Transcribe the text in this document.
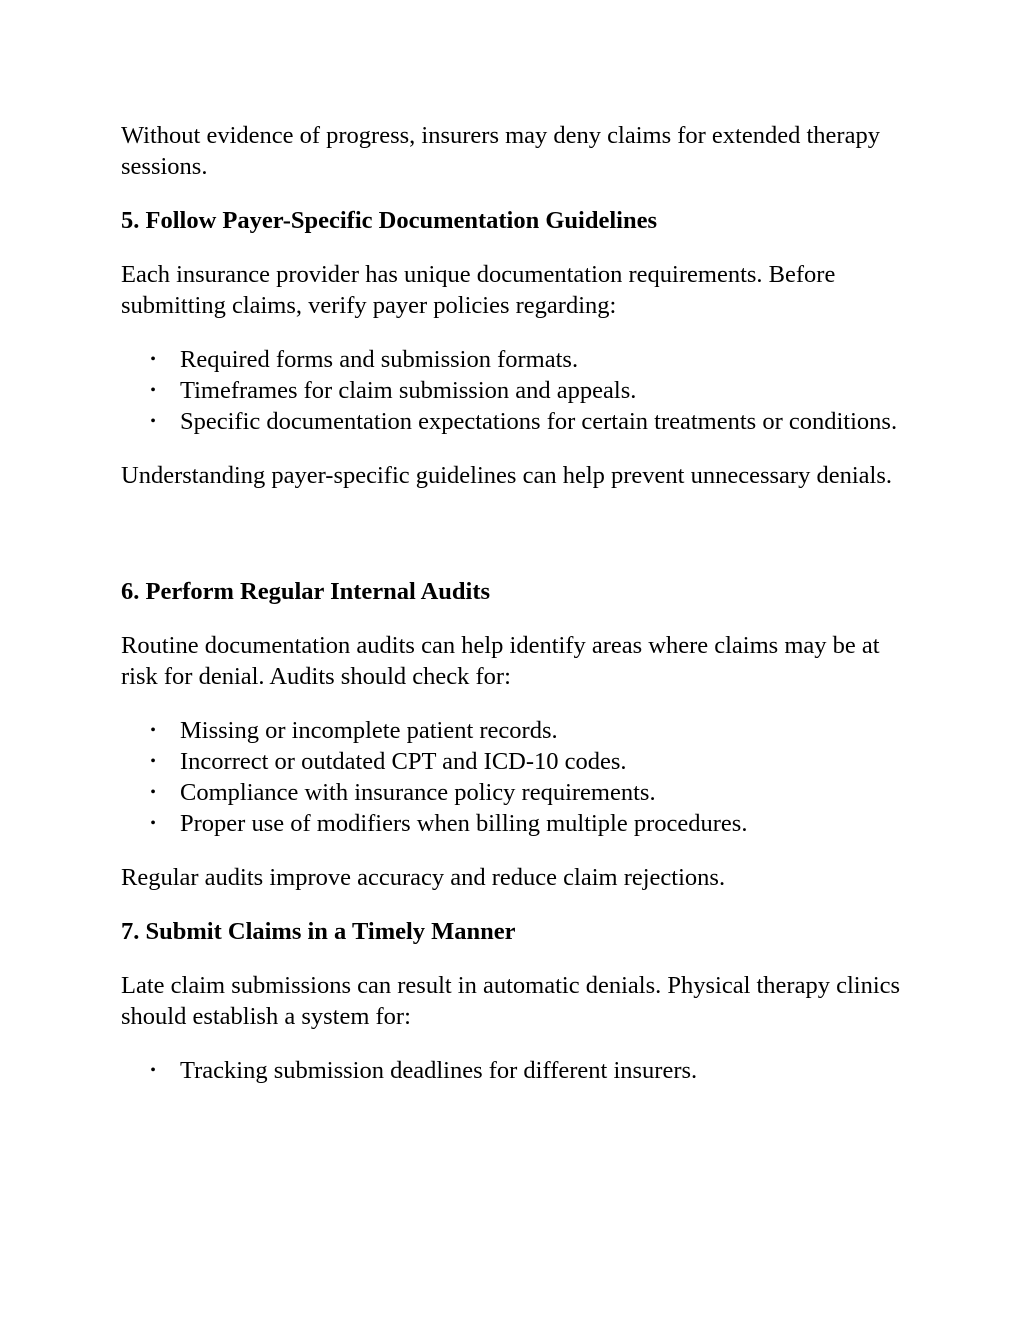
Without evidence of progress, insurers may deny claims for extended therapy sessions.

5. Follow Payer-Specific Documentation Guidelines

Each insurance provider has unique documentation requirements. Before submitting claims, verify payer policies regarding:

• Required forms and submission formats.
• Timeframes for claim submission and appeals.
• Specific documentation expectations for certain treatments or conditions.

Understanding payer-specific guidelines can help prevent unnecessary denials.

6. Perform Regular Internal Audits

Routine documentation audits can help identify areas where claims may be at risk for denial. Audits should check for:

• Missing or incomplete patient records.
• Incorrect or outdated CPT and ICD-10 codes.
• Compliance with insurance policy requirements.
• Proper use of modifiers when billing multiple procedures.

Regular audits improve accuracy and reduce claim rejections.

7. Submit Claims in a Timely Manner

Late claim submissions can result in automatic denials. Physical therapy clinics should establish a system for:

• Tracking submission deadlines for different insurers.
